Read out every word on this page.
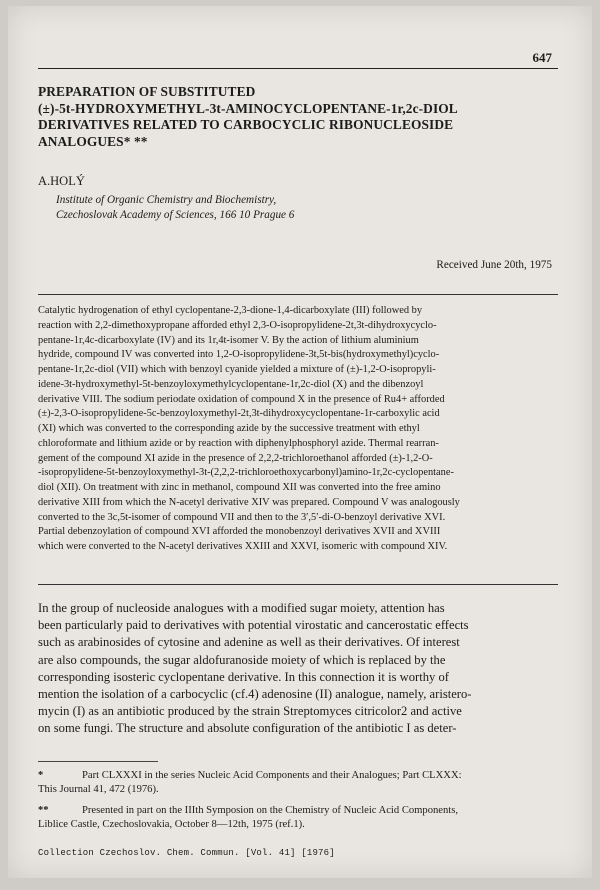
647
PREPARATION OF SUBSTITUTED
(±)-5t-HYDROXYMETHYL-3t-AMINOCYCLOPENTANE-1r,2c-DIOL
DERIVATIVES RELATED TO CARBOCYCLIC RIBONUCLEOSIDE
ANALOGUES* **
A.HOLÝ
Institute of Organic Chemistry and Biochemistry,
Czechoslovak Academy of Sciences, 166 10 Prague 6
Received June 20th, 1975
Catalytic hydrogenation of ethyl cyclopentane-2,3-dione-1,4-dicarboxylate (III) followed by
reaction with 2,2-dimethoxypropane afforded ethyl 2,3-O-isopropylidene-2t,3t-dihydroxycyclo-
pentane-1r,4c-dicarboxylate (IV) and its 1r,4t-isomer V. By the action of lithium aluminium
hydride, compound IV was converted into 1,2-O-isopropylidene-3t,5t-bis(hydroxymethyl)cyclo-
pentane-1r,2c-diol (VII) which with benzoyl cyanide yielded a mixture of (±)-1,2-O-isopropyli-
idene-3t-hydroxymethyl-5t-benzoyloxymethylcyclopentane-1r,2c-diol (X) and the dibenzoyl
derivative VIII. The sodium periodate oxidation of compound X in the presence of Ru4+ afforded
(±)-2,3-O-isopropylidene-5c-benzoyloxymethyl-2t,3t-dihydroxycyclopentane-1r-carboxylic acid
(XI) which was converted to the corresponding azide by the successive treatment with ethyl
chloroformate and lithium azide or by reaction with diphenylphosphoryl azide. Thermal rearran-
gement of the compound XI azide in the presence of 2,2,2-trichloroethanol afforded (±)-1,2-O-
-isopropylidene-5t-benzoyloxymethyl-3t-(2,2,2-trichloroethoxycarbonyl)amino-1r,2c-cyclopentane-
diol (XII). On treatment with zinc in methanol, compound XII was converted into the free amino
derivative XIII from which the N-acetyl derivative XIV was prepared. Compound V was analogously
converted to the 3c,5t-isomer of compound VII and then to the 3′,5′-di-O-benzoyl derivative XVI.
Partial debenzoylation of compound XVI afforded the monobenzoyl derivatives XVII and XVIII
which were converted to the N-acetyl derivatives XXIII and XXVI, isomeric with compound XIV.
In the group of nucleoside analogues with a modified sugar moiety, attention has
been particularly paid to derivatives with potential virostatic and cancerostatic effects
such as arabinosides of cytosine and adenine as well as their derivatives. Of interest
are also compounds, the sugar aldofuranoside moiety of which is replaced by the
corresponding isosteric cyclopentane derivative. In this connection it is worthy of
mention the isolation of a carbocyclic (cf.4) adenosine (II) analogue, namely, aristero-
mycin (I) as an antibiotic produced by the strain Streptomyces citricolor2 and active
on some fungi. The structure and absolute configuration of the antibiotic I as deter-
*	Part CLXXXI in the series Nucleic Acid Components and their Analogues; Part CLXXX:
This Journal 41, 472 (1976).
**	Presented in part on the IIIth Symposion on the Chemistry of Nucleic Acid Components,
Liblice Castle, Czechoslovakia, October 8—12th, 1975 (ref.1).
Collection Czechoslov. Chem. Commun. [Vol. 41] [1976]
